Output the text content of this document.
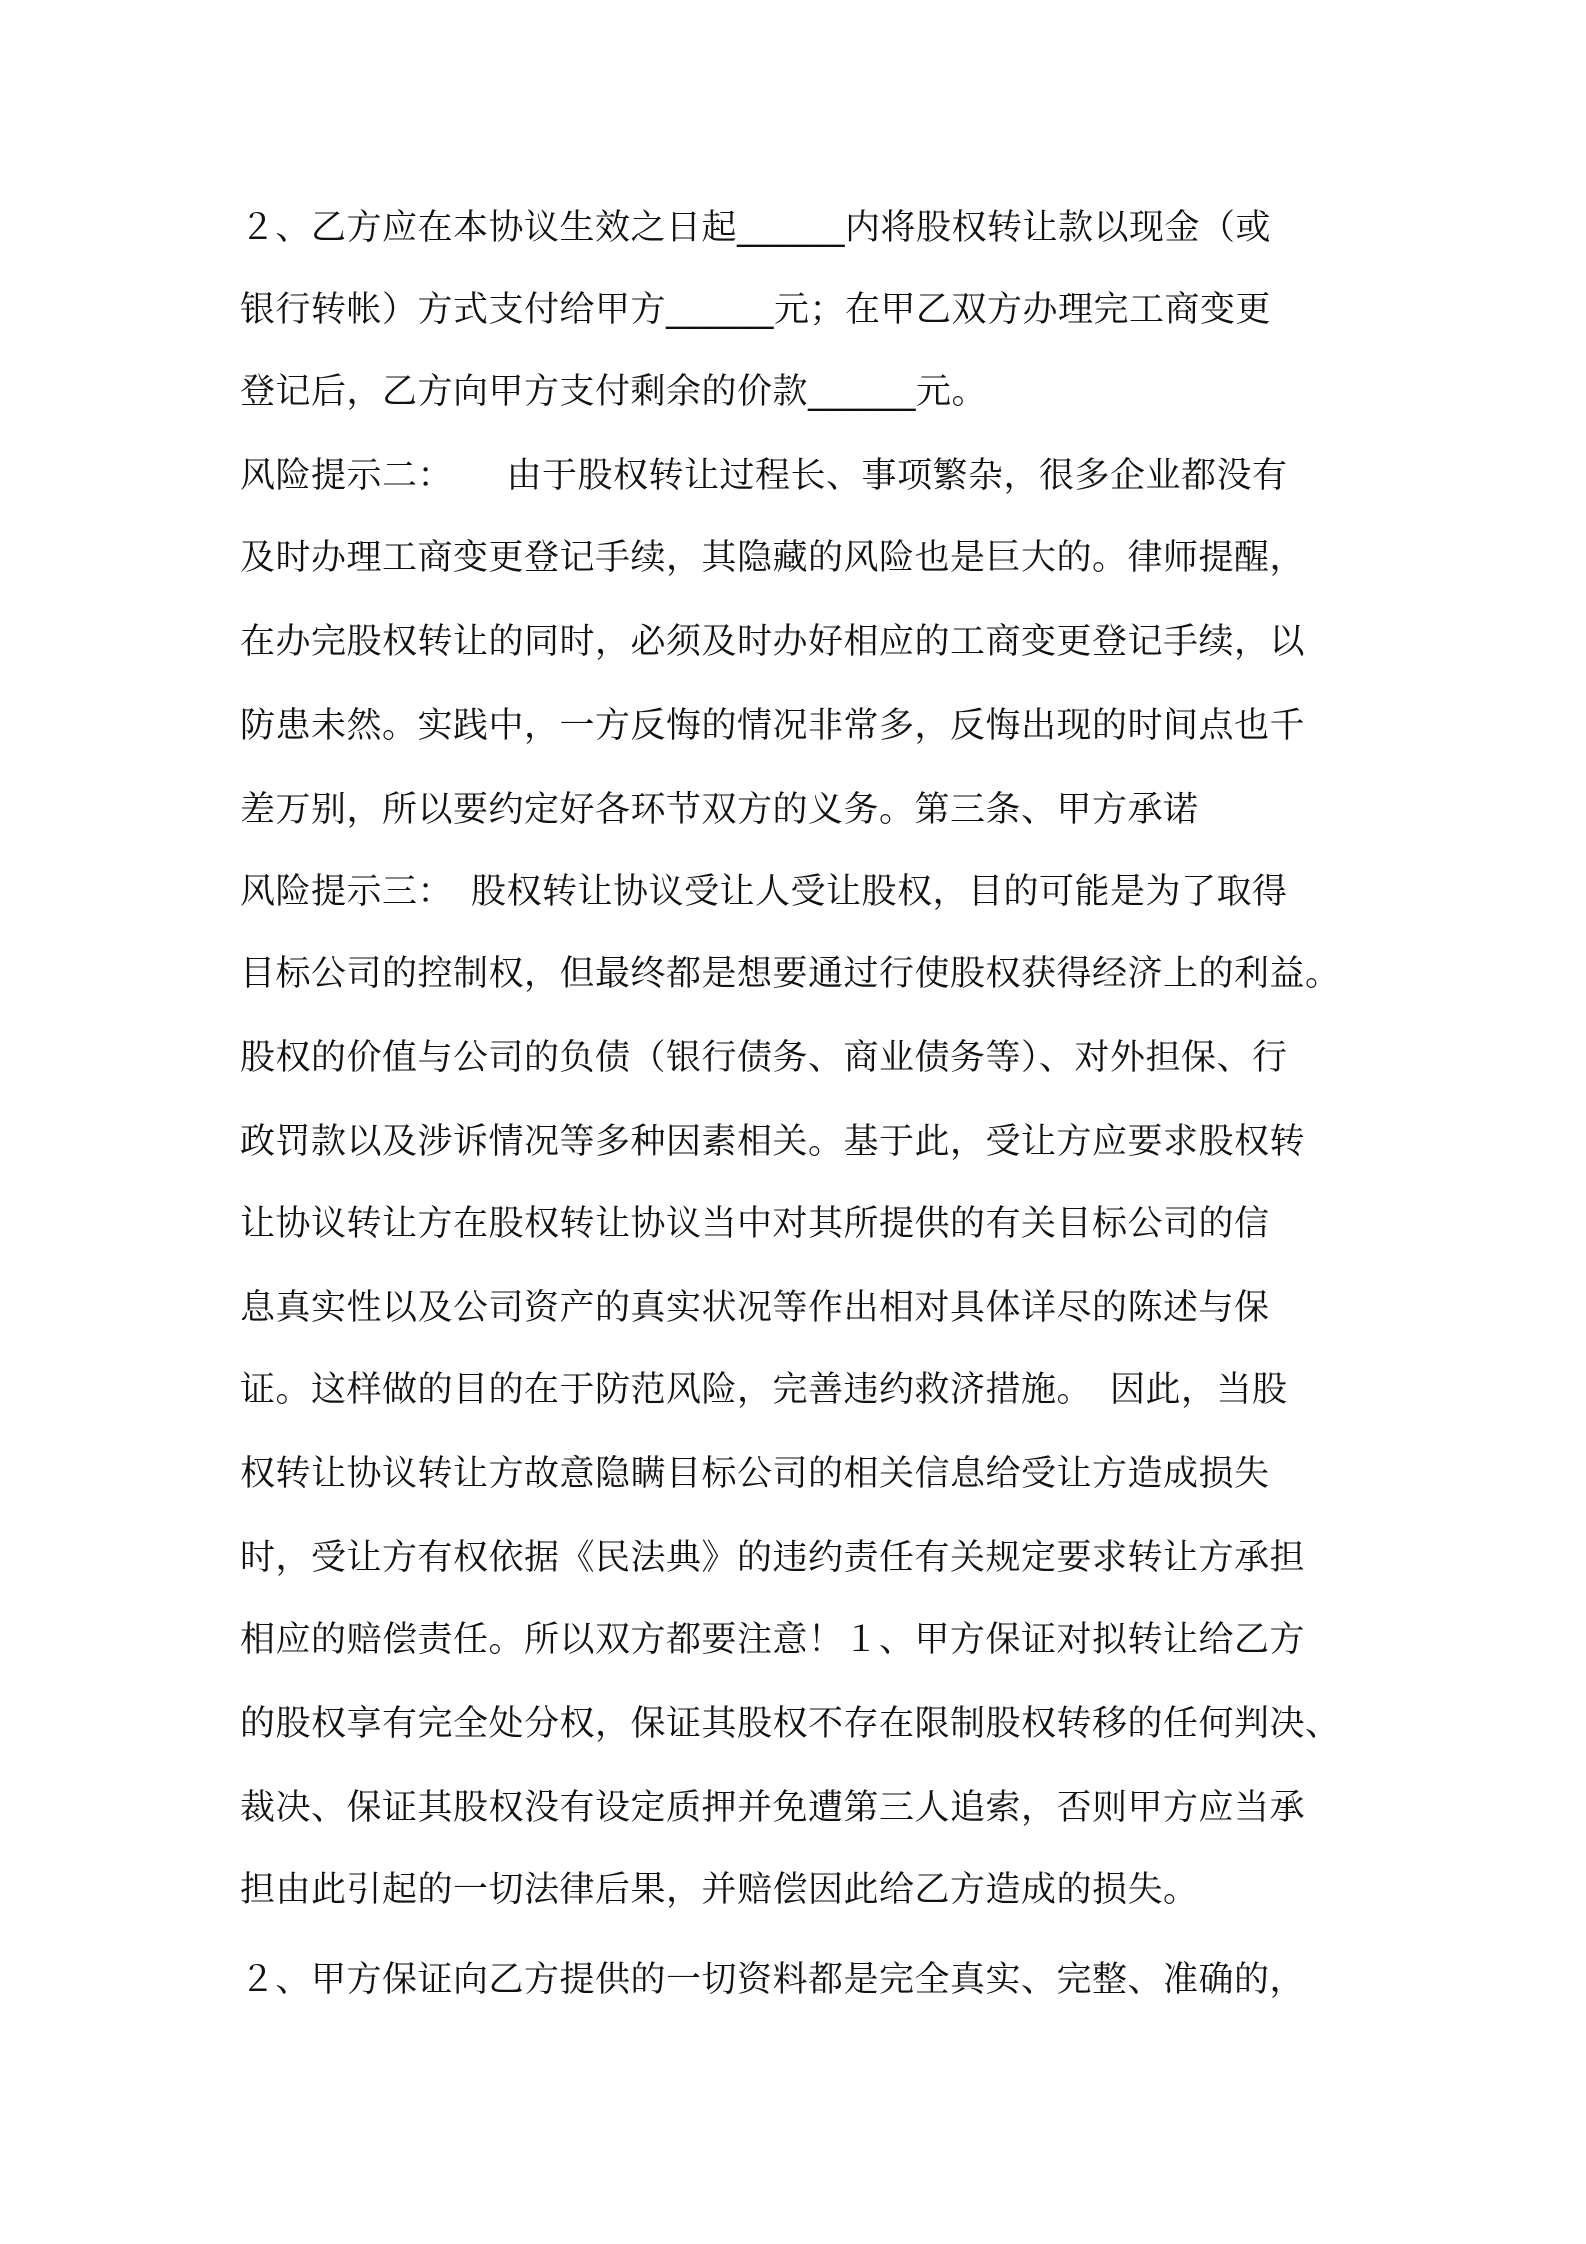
２、乙方应在本协议生效之日起______内将股权转让款以现金（或
银行转帐）方式支付给甲方______元；在甲乙双方办理完工商变更
登记后，乙方向甲方支付剩余的价款______元。
风险提示二：　　由于股权转让过程长、事项繁杂，很多企业都没有
及时办理工商变更登记手续，其隐藏的风险也是巨大的。律师提醒，
在办完股权转让的同时，必须及时办好相应的工商变更登记手续，以
防患未然。实践中，一方反悔的情况非常多，反悔出现的时间点也千
差万别，所以要约定好各环节双方的义务。第三条、甲方承诺
风险提示三：　股权转让协议受让人受让股权，目的可能是为了取得
目标公司的控制权，但最终都是想要通过行使股权获得经济上的利益。
股权的价值与公司的负债（银行债务、商业债务等）、对外担保、行
政罚款以及涉诉情况等多种因素相关。基于此，受让方应要求股权转
让协议转让方在股权转让协议当中对其所提供的有关目标公司的信
息真实性以及公司资产的真实状况等作出相对具体详尽的陈述与保
证。这样做的目的在于防范风险，完善违约救济措施。　因此，当股
权转让协议转让方故意隐瞒目标公司的相关信息给受让方造成损失
时，受让方有权依据《民法典》的违约责任有关规定要求转让方承担
相应的赔偿责任。所以双方都要注意！１、甲方保证对拟转让给乙方
的股权享有完全处分权，保证其股权不存在限制股权转移的任何判决、
裁决、保证其股权没有设定质押并免遭第三人追索，否则甲方应当承
担由此引起的一切法律后果，并赔偿因此给乙方造成的损失。
２、甲方保证向乙方提供的一切资料都是完全真实、完整、准确的，
